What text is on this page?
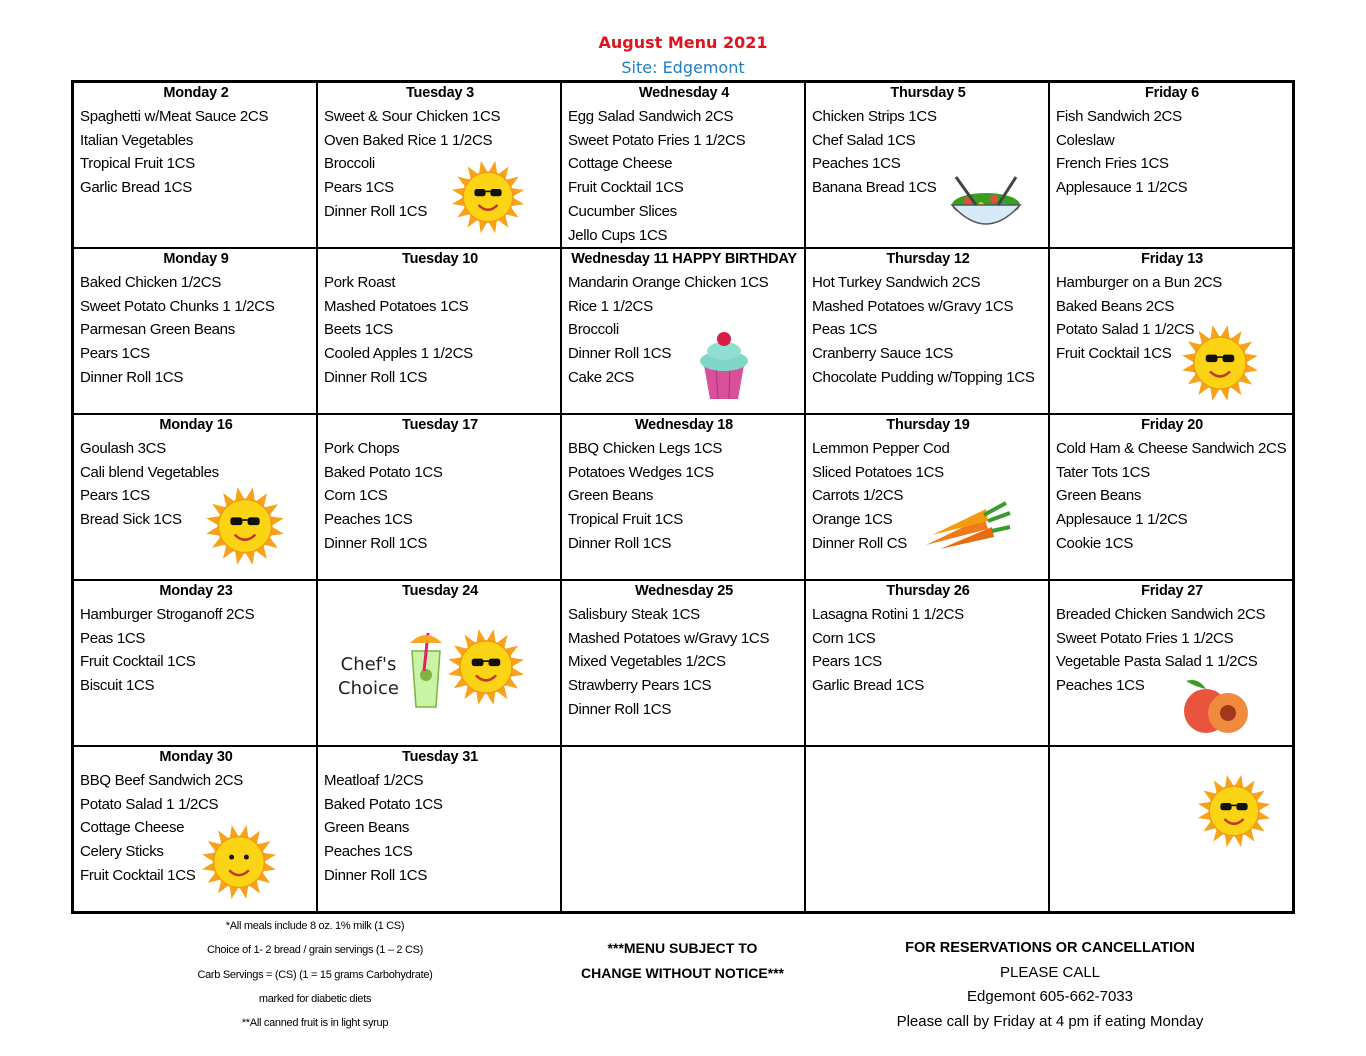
August Menu 2021
Site: Edgemont
Monday 2
Spaghetti w/Meat Sauce 2CS
Italian Vegetables
Tropical Fruit 1CS
Garlic Bread 1CS
Tuesday 3
Sweet & Sour Chicken 1CS
Oven Baked Rice 1 1/2CS
Broccoli
Pears 1CS
Dinner Roll 1CS
Wednesday 4
Egg Salad Sandwich 2CS
Sweet Potato Fries 1 1/2CS
Cottage Cheese
Fruit Cocktail 1CS
Cucumber Slices
Jello Cups 1CS
Thursday 5
Chicken Strips 1CS
Chef Salad 1CS
Peaches 1CS
Banana Bread 1CS
Friday 6
Fish Sandwich 2CS
Coleslaw
French Fries 1CS
Applesauce 1 1/2CS
Monday 9
Baked Chicken 1/2CS
Sweet Potato Chunks 1 1/2CS
Parmesan Green Beans
Pears 1CS
Dinner Roll 1CS
Tuesday 10
Pork Roast
Mashed Potatoes 1CS
Beets 1CS
Cooled Apples 1 1/2CS
Dinner Roll 1CS
Wednesday 11 HAPPY BIRTHDAY
Mandarin Orange Chicken 1CS
Rice 1 1/2CS
Broccoli
Dinner Roll 1CS
Cake 2CS
Thursday 12
Hot Turkey Sandwich 2CS
Mashed Potatoes w/Gravy 1CS
Peas 1CS
Cranberry Sauce 1CS
Chocolate Pudding w/Topping 1CS
Friday 13
Hamburger on a Bun 2CS
Baked Beans 2CS
Potato Salad 1 1/2CS
Fruit Cocktail 1CS
Monday 16
Goulash 3CS
Cali blend Vegetables
Pears 1CS
Bread Sick 1CS
Tuesday 17
Pork Chops
Baked Potato 1CS
Corn 1CS
Peaches 1CS
Dinner Roll 1CS
Wednesday 18
BBQ Chicken Legs 1CS
Potatoes Wedges 1CS
Green Beans
Tropical Fruit 1CS
Dinner Roll 1CS
Thursday 19
Lemmon Pepper Cod
Sliced Potatoes 1CS
Carrots 1/2CS
Orange 1CS
Dinner Roll CS
Friday 20
Cold Ham & Cheese Sandwich 2CS
Tater Tots 1CS
Green Beans
Applesauce 1 1/2CS
Cookie 1CS
Monday 23
Hamburger Stroganoff 2CS
Peas 1CS
Fruit Cocktail 1CS
Biscuit 1CS
Tuesday 24
Chef's
Choice
Wednesday 25
Salisbury Steak 1CS
Mashed Potatoes w/Gravy 1CS
Mixed Vegetables 1/2CS
Strawberry Pears 1CS
Dinner Roll 1CS
Thursday 26
Lasagna Rotini 1 1/2CS
Corn 1CS
Pears 1CS
Garlic Bread 1CS
Friday 27
Breaded Chicken Sandwich 2CS
Sweet Potato Fries 1 1/2CS
Vegetable Pasta Salad 1 1/2CS
Peaches 1CS
Monday 30
BBQ Beef Sandwich 2CS
Potato Salad 1 1/2CS
Cottage Cheese
Celery Sticks
Fruit Cocktail 1CS
Tuesday 31
Meatloaf 1/2CS
Baked Potato 1CS
Green Beans
Peaches 1CS
Dinner Roll 1CS
*All meals include 8 oz. 1% milk (1 CS)
Choice of 1- 2 bread / grain servings (1 – 2 CS)
Carb Servings = (CS) (1 = 15 grams Carbohydrate)
marked for diabetic diets
**All canned fruit is in light syrup
***MENU SUBJECT TO
CHANGE WITHOUT NOTICE***
FOR RESERVATIONS OR CANCELLATION
PLEASE CALL
Edgemont 605-662-7033
Please call by Friday at 4 pm if eating Monday
